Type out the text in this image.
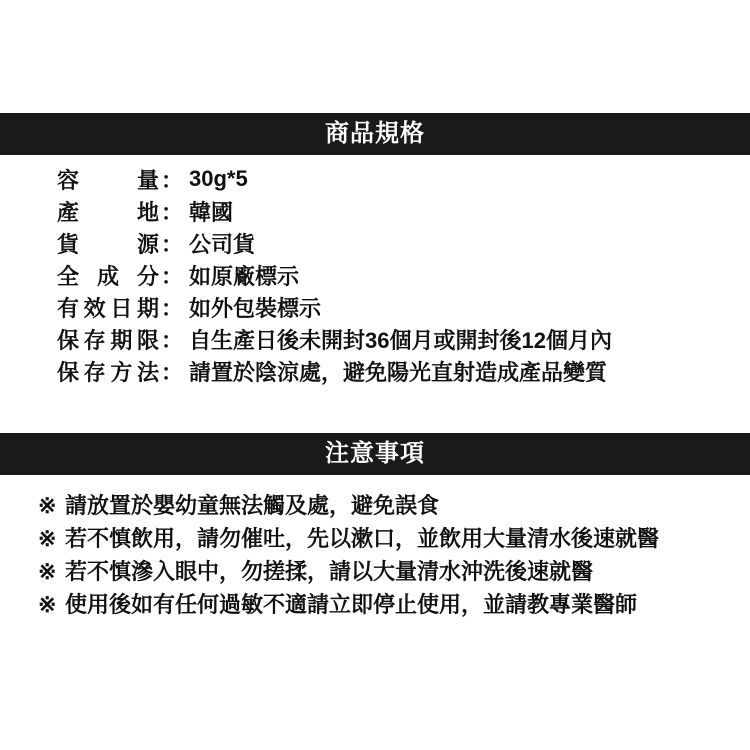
商品規格
容量 ： 30g*5
產地 ： 韓國
貨源 ： 公司貨
全成分 ： 如原廠標示
有效日期 ： 如外包裝標示
保存期限 ： 自生產日後未開封36個月或開封後12個月內
保存方法 ： 請置於陰涼處，避免陽光直射造成產品變質
注意事項
※ 請放置於嬰幼童無法觸及處，避免誤食
※ 若不慎飲用，請勿催吐，先以漱口，並飲用大量清水後速就醫
※ 若不慎滲入眼中，勿搓揉，請以大量清水沖洗後速就醫
※ 使用後如有任何過敏不適請立即停止使用，並請教專業醫師
